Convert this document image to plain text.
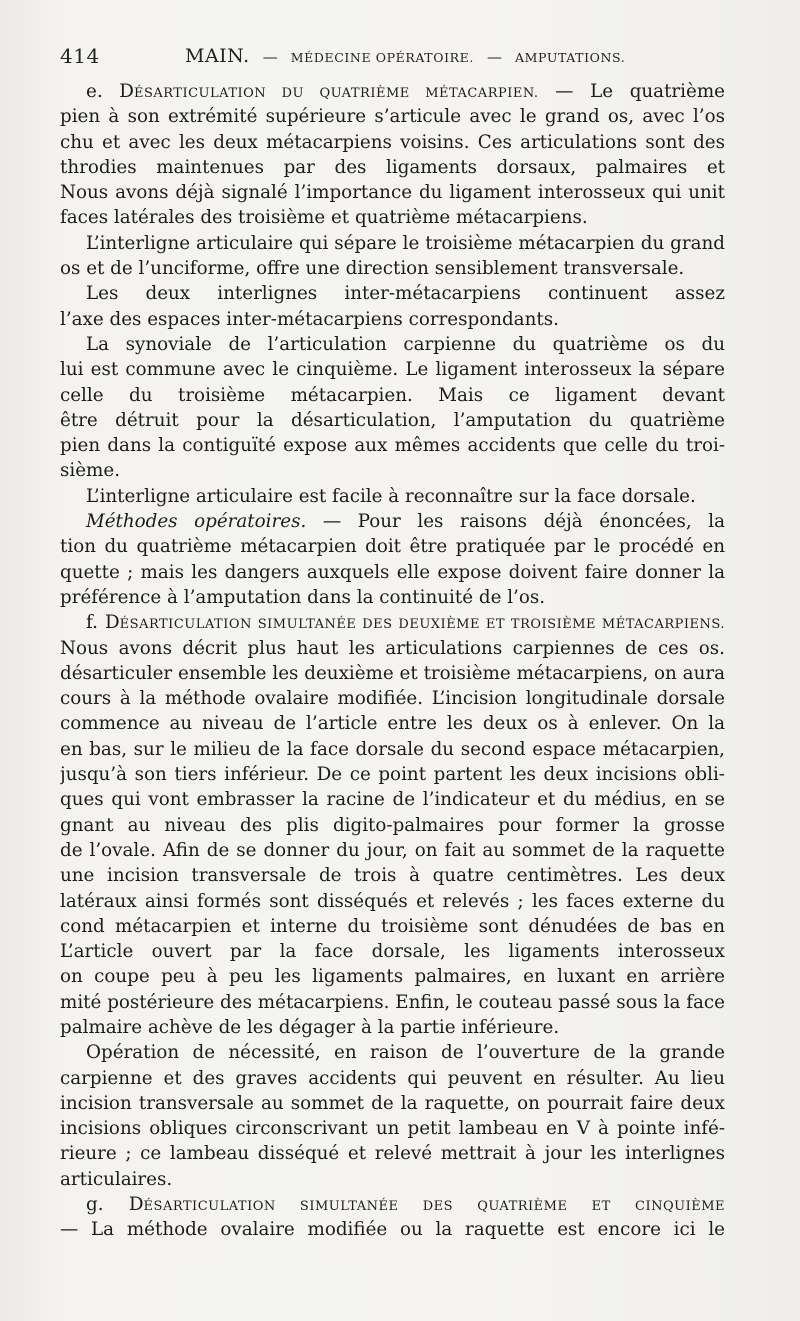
414	MAIN. — MÉDECINE OPÉRATOIRE. — AMPUTATIONS.
e. DÉSARTICULATION DU QUATRIÈME MÉTACARPIEN. — Le quatrième
pien à son extrémité supérieure s’articule avec le grand os, avec l’os
chu et avec les deux métacarpiens voisins. Ces articulations sont des
throdies maintenues par des ligaments dorsaux, palmaires et
Nous avons déjà signalé l’importance du ligament interosseux qui unit
faces latérales des troisième et quatrième métacarpiens.
L’interligne articulaire qui sépare le troisième métacarpien du grand
os et de l’unciforme, offre une direction sensiblement transversale.
Les deux interlignes inter-métacarpiens continuent assez
l’axe des espaces inter-métacarpiens correspondants.
La synoviale de l’articulation carpienne du quatrième os du
lui est commune avec le cinquième. Le ligament interosseux la sépare
celle du troisième métacarpien. Mais ce ligament devant
être détruit pour la désarticulation, l’amputation du quatrième
pien dans la contiguïté expose aux mêmes accidents que celle du troi-
sième.
L’interligne articulaire est facile à reconnaître sur la face dorsale.
Méthodes opératoires. — Pour les raisons déjà énoncées, la
tion du quatrième métacarpien doit être pratiquée par le procédé en
quette ; mais les dangers auxquels elle expose doivent faire donner la
préférence à l’amputation dans la continuité de l’os.
f. DÉSARTICULATION SIMULTANÉE DES DEUXIÈME ET TROISIÈME MÉTACARPIENS.
Nous avons décrit plus haut les articulations carpiennes de ces os.
désarticuler ensemble les deuxième et troisième métacarpiens, on aura
cours à la méthode ovalaire modifiée. L’incision longitudinale dorsale
commence au niveau de l’article entre les deux os à enlever. On la
en bas, sur le milieu de la face dorsale du second espace métacarpien,
jusqu’à son tiers inférieur. De ce point partent les deux incisions obli-
ques qui vont embrasser la racine de l’indicateur et du médius, en se
gnant au niveau des plis digito-palmaires pour former la grosse
de l’ovale. Afin de se donner du jour, on fait au sommet de la raquette
une incision transversale de trois à quatre centimètres. Les deux
latéraux ainsi formés sont disséqués et relevés ; les faces externe du
cond métacarpien et interne du troisième sont dénudées de bas en
L’article ouvert par la face dorsale, les ligaments interosseux
on coupe peu à peu les ligaments palmaires, en luxant en arrière
mité postérieure des métacarpiens. Enfin, le couteau passé sous la face
palmaire achève de les dégager à la partie inférieure.
Opération de nécessité, en raison de l’ouverture de la grande
carpienne et des graves accidents qui peuvent en résulter. Au lieu
incision transversale au sommet de la raquette, on pourrait faire deux
incisions obliques circonscrivant un petit lambeau en V à pointe infé-
rieure ; ce lambeau disséqué et relevé mettrait à jour les interlignes
articulaires.
g. DÉSARTICULATION SIMULTANÉE DES QUATRIÈME ET CINQUIÈME
— La méthode ovalaire modifiée ou la raquette est encore ici le
